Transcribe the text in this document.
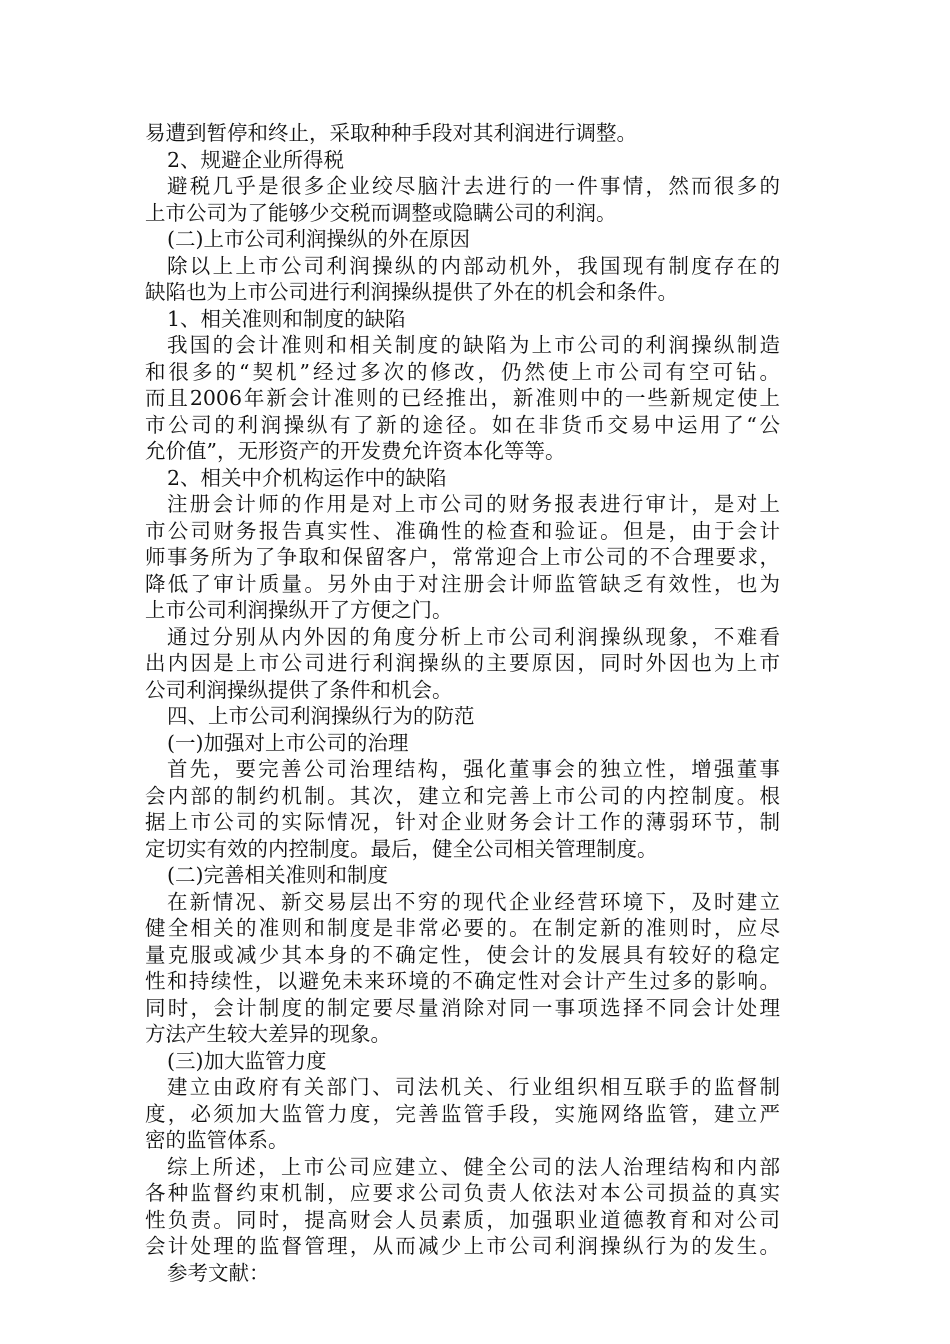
易遭到暂停和终止，采取种种手段对其利润进行调整。
2、规避企业所得税
避税几乎是很多企业绞尽脑汁去进行的一件事情，然而很多的
上市公司为了能够少交税而调整或隐瞒公司的利润。
(二)上市公司利润操纵的外在原因
除以上上市公司利润操纵的内部动机外，我国现有制度存在的
缺陷也为上市公司进行利润操纵提供了外在的机会和条件。
1、相关准则和制度的缺陷
我国的会计准则和相关制度的缺陷为上市公司的利润操纵制造
和很多的“契机”经过多次的修改，仍然使上市公司有空可钻。
而且2006年新会计准则的已经推出，新准则中的一些新规定使上
市公司的利润操纵有了新的途径。如在非货币交易中运用了“公
允价值”，无形资产的开发费允许资本化等等。
2、相关中介机构运作中的缺陷
注册会计师的作用是对上市公司的财务报表进行审计，是对上
市公司财务报告真实性、准确性的检查和验证。但是，由于会计
师事务所为了争取和保留客户，常常迎合上市公司的不合理要求，
降低了审计质量。另外由于对注册会计师监管缺乏有效性，也为
上市公司利润操纵开了方便之门。
通过分别从内外因的角度分析上市公司利润操纵现象，不难看
出内因是上市公司进行利润操纵的主要原因，同时外因也为上市
公司利润操纵提供了条件和机会。
四、上市公司利润操纵行为的防范
(一)加强对上市公司的治理
首先，要完善公司治理结构，强化董事会的独立性，增强董事
会内部的制约机制。其次，建立和完善上市公司的内控制度。根
据上市公司的实际情况，针对企业财务会计工作的薄弱环节，制
定切实有效的内控制度。最后，健全公司相关管理制度。
(二)完善相关准则和制度
在新情况、新交易层出不穷的现代企业经营环境下，及时建立
健全相关的准则和制度是非常必要的。在制定新的准则时，应尽
量克服或减少其本身的不确定性，使会计的发展具有较好的稳定
性和持续性，以避免未来环境的不确定性对会计产生过多的影响。
同时，会计制度的制定要尽量消除对同一事项选择不同会计处理
方法产生较大差异的现象。
(三)加大监管力度
建立由政府有关部门、司法机关、行业组织相互联手的监督制
度，必须加大监管力度，完善监管手段，实施网络监管，建立严
密的监管体系。
综上所述，上市公司应建立、健全公司的法人治理结构和内部
各种监督约束机制，应要求公司负责人依法对本公司损益的真实
性负责。同时，提高财会人员素质，加强职业道德教育和对公司
会计处理的监督管理，从而减少上市公司利润操纵行为的发生。
参考文献：
